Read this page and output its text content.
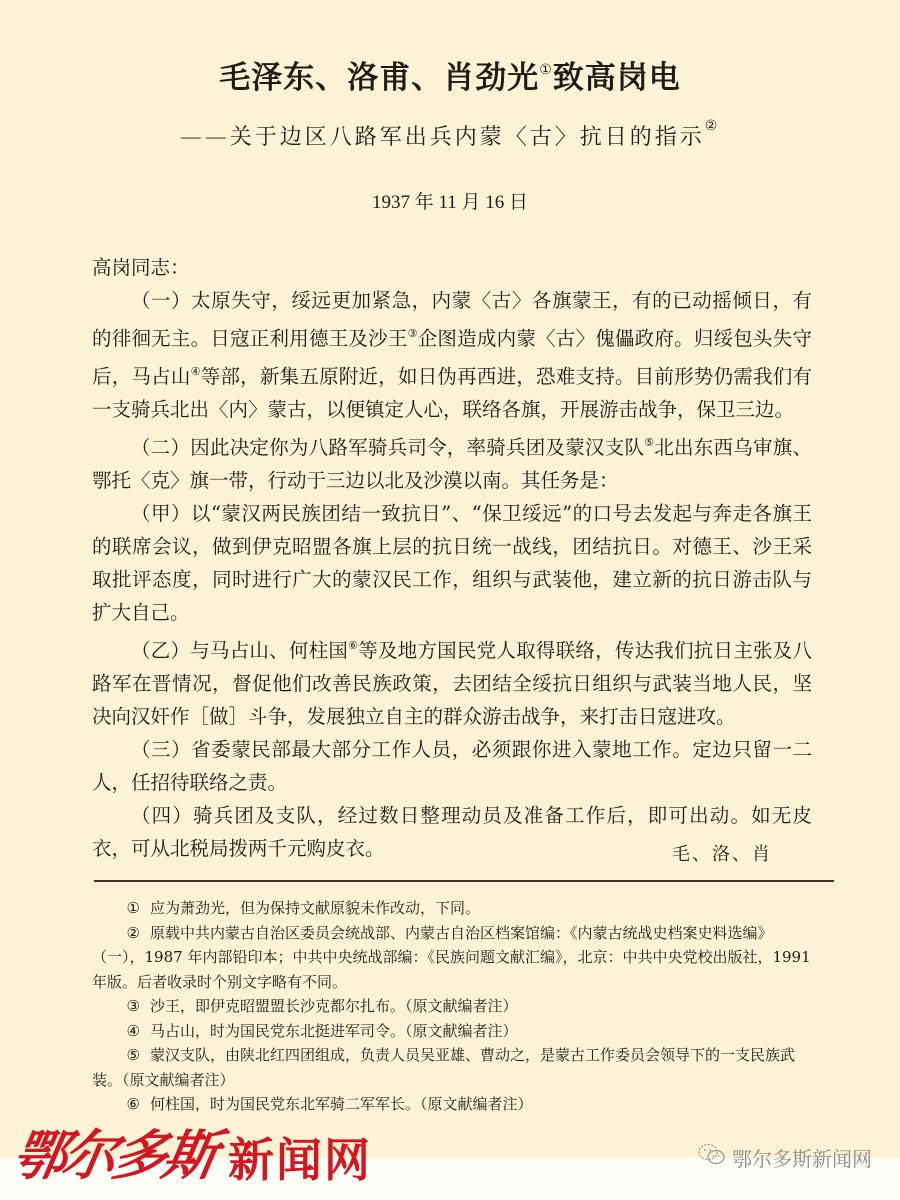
毛泽东、洛甫、肖劲光①致高岗电
——关于边区八路军出兵内蒙〈古〉抗日的指示②
1937 年 11 月 16 日

高岗同志：

（一）太原失守，绥远更加紧急，内蒙〈古〉各旗蒙王，有的已动摇倾日，有的徘徊无主。日寇正利用德王及沙王③企图造成内蒙〈古〉傀儡政府。归绥包头失守后，马占山④等部，新集五原附近，如日伪再西进，恐难支持。目前形势仍需我们有一支骑兵北出〈内〉蒙古，以便镇定人心，联络各旗，开展游击战争，保卫三边。

（二）因此决定你为八路军骑兵司令，率骑兵团及蒙汉支队⑤北出东西乌审旗、鄂托〈克〉旗一带，行动于三边以北及沙漠以南。其任务是：

（甲）以“蒙汉两民族团结一致抗日”、“保卫绥远”的口号去发起与奔走各旗王的联席会议，做到伊克昭盟各旗上层的抗日统一战线，团结抗日。对德王、沙王采取批评态度，同时进行广大的蒙汉民工作，组织与武装他，建立新的抗日游击队与扩大自己。

（乙）与马占山、何柱国⑥等及地方国民党人取得联络，传达我们抗日主张及八路军在晋情况，督促他们改善民族政策，去团结全绥抗日组织与武装当地人民，坚决向汉奸作［做］斗争，发展独立自主的群众游击战争，来打击日寇进攻。

（三）省委蒙民部最大部分工作人员，必须跟你进入蒙地工作。定边只留一二人，任招待联络之责。

（四）骑兵团及支队，经过数日整理动员及准备工作后，即可出动。如无皮衣，可从北税局拨两千元购皮衣。	毛、洛、肖

① 应为萧劲光，但为保持文献原貌未作改动，下同。

② 原载中共内蒙古自治区委员会统战部、内蒙古自治区档案馆编：《内蒙古统战史档案史料选编》（一），1987 年内部铅印本；中共中央统战部编：《民族问题文献汇编》，北京：中共中央党校出版社，1991 年版。后者收录时个别文字略有不同。

③ 沙王，即伊克昭盟盟长沙克都尔扎布。（原文献编者注）

④ 马占山，时为国民党东北挺进军司令。（原文献编者注）

⑤ 蒙汉支队，由陕北红四团组成，负责人员吴亚雄、曹动之，是蒙古工作委员会领导下的一支民族武装。（原文献编者注）

⑥ 何柱国，时为国民党东北军骑二军军长。（原文献编者注）

鄂尔多斯 新闻网	鄂尔多斯新闻网
